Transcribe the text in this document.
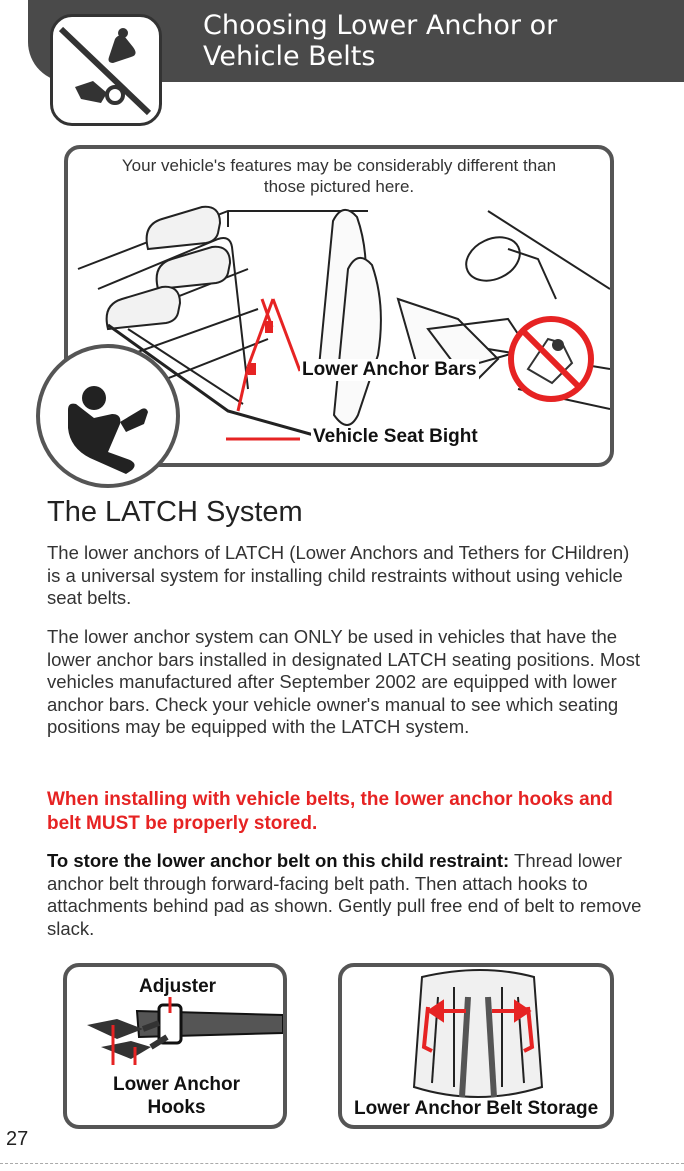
Choosing Lower Anchor or
Vehicle Belts
Your vehicle's features may be considerably different than
those pictured here.
Lower Anchor Bars
Vehicle Seat Bight
The LATCH System

The lower anchors of LATCH (Lower Anchors and Tethers for CHildren) is a universal system for installing child restraints without using vehicle seat belts.

The lower anchor system can ONLY be used in vehicles that have the lower anchor bars installed in designated LATCH seating positions. Most vehicles manufactured after September 2002 are equipped with lower anchor bars. Check your vehicle owner's manual to see which seating positions may be equipped with the LATCH system.

When installing with vehicle belts, the lower anchor hooks and belt MUST be properly stored.

To store the lower anchor belt on this child restraint: Thread lower anchor belt through forward-facing belt path. Then attach hooks to attachments behind pad as shown. Gently pull free end of belt to remove slack.

Adjuster
Lower Anchor
Hooks	Lower Anchor Belt Storage
27
